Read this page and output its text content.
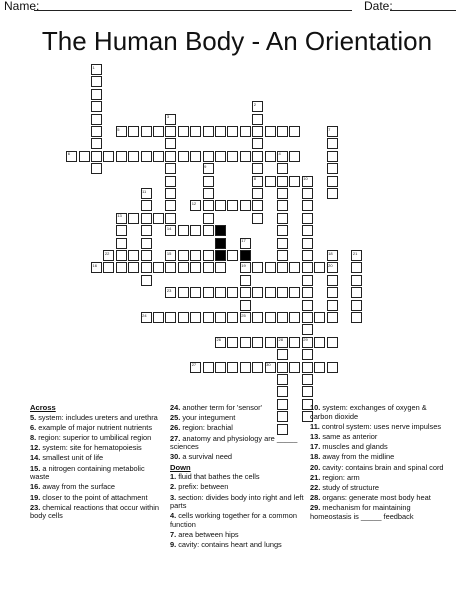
Name:	Date:
The Human Body - An Orientation
1
2
3
4
5
6
7
8
9
10
11
12
13
14
15
16
17
18
19	20
21
22
23
24	25
26
27
28	29
30
Across
5. system: includes ureters and urethra
6. example of major nutrient nutrients
8. region: superior to umbilical region
12. system: site for hematopoiesis
14. smallest unit of life
15. a nitrogen containing metabolic waste
16. away from the surface
19. closer to the point of attachment
23. chemical reactions that occur within body cells
24. another term for 'sensor'
25. your integument
26. region: brachial
27. anatomy and physiology are _____ sciences
30. a survival need
Down
1. fluid that bathes the cells
2. prefix: between
3. section: divides body into right and left parts
4. cells working together for a common function
7. area between hips
9. cavity: contains heart and lungs
10. system: exchanges of oxygen & carbon dioxide
11. control system: uses nerve impulses
13. same as anterior
17. muscles and glands
18. away from the midline
20. cavity: contains brain and spinal cord
21. region: arm
22. study of structure
28. organs: generate most body heat
29. mechanism for maintaining homeostasis is _____ feedback
